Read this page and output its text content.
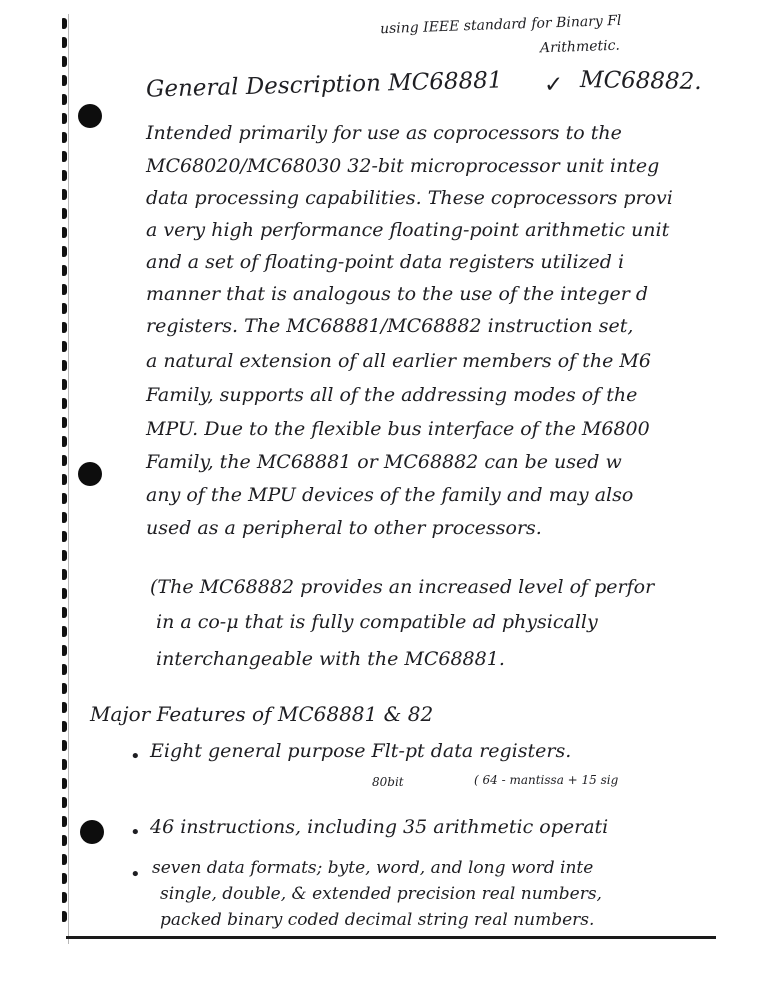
using IEEE standard for Binary Fl
Arithmetic.
General Description MC68881 ✓ MC68882.
Intended primarily for use as coprocessors to the
MC68020/MC68030 32-bit microprocessor unit integ
data processing capabilities. These coprocessors provi
a very high performance floating-point arithmetic unit
and a set of floating-point data registers utilized i
manner that is analogous to the use of the integer d
registers. The MC68881/MC68882 instruction set,
a natural extension of all earlier members of the M6
Family, supports all of the addressing modes of the
MPU. Due to the flexible bus interface of the M6800
Family, the MC68881 or MC68882 can be used w
any of the MPU devices of the family and may also
used as a peripheral to other processors.
(The MC68882 provides an increased level of perfor
in a co-μ that is fully compatible ad physically
interchangeable with the MC68881.
Major Features of MC68881 & 82
• Eight general purpose Flt-pt data registers.
80bit	( 64 - mantissa + 15 sig
• 46 instructions, including 35 arithmetic operati
• seven data formats; byte, word, and long word inte
single, double, & extended precision real numbers,
packed binary coded decimal string real numbers.
